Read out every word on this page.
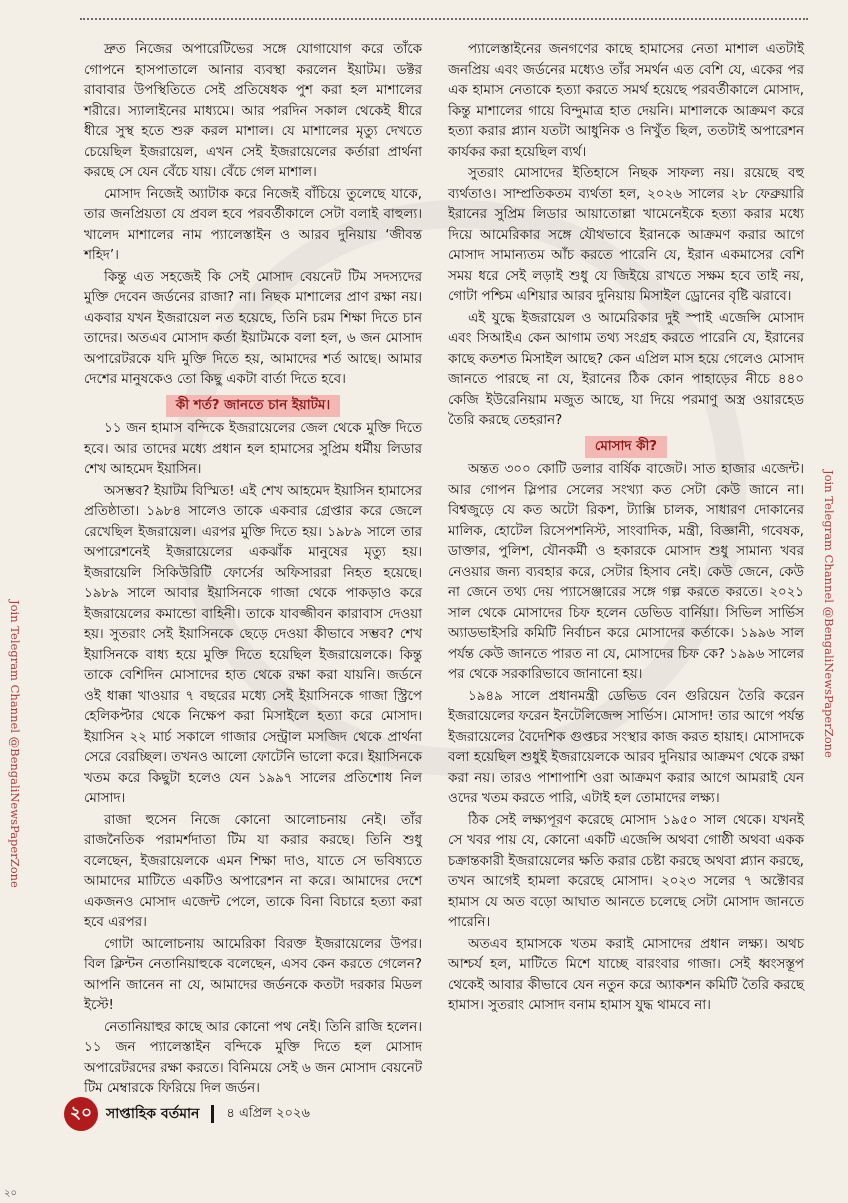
দ্রুত নিজের অপারেটিভের সঙ্গে যোগাযোগ করে তাঁকে গোপনে হাসপাতালে আনার ব্যবস্থা করলেন ইয়াটম। ডক্টর রাবাবার উপস্থিতিতে সেই প্রতিষেধক পুশ করা হল মাশালের শরীরে। স্যালাইনের মাধ্যমে। আর পরদিন সকাল থেকেই ধীরে ধীরে সুস্থ হতে শুরু করল মাশাল। যে মাশালের মৃত্যু দেখতে চেয়েছিল ইজরায়েল, এখন সেই ইজরায়েলের কর্তারা প্রার্থনা করছে সে যেন বেঁচে যায়। বেঁচে গেল মাশাল।

মোসাদ নিজেই অ্যাটাক করে নিজেই বাঁচিয়ে তুলেছে যাকে, তার জনপ্রিয়তা যে প্রবল হবে পরবর্তীকালে সেটা বলাই বাহুল্য। খালেদ মাশালের নাম প্যালেস্তাইন ও আরব দুনিয়ায় ‘জীবন্ত শহিদ’।

কিন্তু এত সহজেই কি সেই মোসাদ বেয়নেট টিম সদস্যদের মুক্তি দেবেন জর্ডনের রাজা? না। নিছক মাশালের প্রাণ রক্ষা নয়। একবার যখন ইজরায়েল নত হয়েছে, তিনি চরম শিক্ষা দিতে চান তাদের। অতএব মোসাদ কর্তা ইয়াটমকে বলা হল, ৬ জন মোসাদ অপারেটরকে যদি মুক্তি দিতে হয়, আমাদের শর্ত আছে। আমার দেশের মানুষকেও তো কিছু একটা বার্তা দিতে হবে।

কী শর্ত? জানতে চান ইয়াটম।

১১ জন হামাস বন্দিকে ইজরায়েলের জেল থেকে মুক্তি দিতে হবে। আর তাদের মধ্যে প্রধান হল হামাসের সুপ্রিম ধর্মীয় লিডার শেখ আহমেদ ইয়াসিন।

অসম্ভব? ইয়াটম বিস্মিত! এই শেখ আহমেদ ইয়াসিন হামাসের প্রতিষ্ঠাতা। ১৯৮৪ সালেও তাকে একবার গ্রেপ্তার করে জেলে রেখেছিল ইজরায়েল। এরপর মুক্তি দিতে হয়। ১৯৮৯ সালে তার অপারেশনেই ইজরায়েলের একঝাঁক মানুষের মৃত্যু হয়। ইজরায়েলি সিকিউরিটি ফোর্সের অফিসাররা নিহত হয়েছে। ১৯৮৯ সালে আবার ইয়াসিনকে গাজা থেকে পাকড়াও করে ইজরায়েলের কমান্ডো বাহিনী। তাকে যাবজ্জীবন কারাবাস দেওয়া হয়। সুতরাং সেই ইয়াসিনকে ছেড়ে দেওয়া কীভাবে সম্ভব? শেখ ইয়াসিনকে বাধ্য হয়ে মুক্তি দিতে হয়েছিল ইজরায়েলকে। কিন্তু তাকে বেশিদিন মোসাদের হাত থেকে রক্ষা করা যায়নি। জর্ডনে ওই ধাক্কা খাওয়ার ৭ বছরের মধ্যে সেই ইয়াসিনকে গাজা স্ট্রিপে হেলিকপ্টার থেকে নিক্ষেপ করা মিসাইলে হত্যা করে মোসাদ। ইয়াসিন ২২ মার্চ সকালে গাজার সেন্ট্রাল মসজিদ থেকে প্রার্থনা সেরে বেরচ্ছিল। তখনও আলো ফোটেনি ভালো করে। ইয়াসিনকে খতম করে কিছুটা হলেও যেন ১৯৯৭ সালের প্রতিশোধ নিল মোসাদ।

রাজা হুসেন নিজে কোনো আলোচনায় নেই। তাঁর রাজনৈতিক পরামর্শদাতা টিম যা করার করছে। তিনি শুধু বলেছেন, ইজরায়েলকে এমন শিক্ষা দাও, যাতে সে ভবিষ্যতে আমাদের মাটিতে একটিও অপারেশন না করে। আমাদের দেশে একজনও মোসাদ এজেন্ট পেলে, তাকে বিনা বিচারে হত্যা করা হবে এরপর।

গোটা আলোচনায় আমেরিকা বিরক্ত ইজরায়েলের উপর। বিল ক্লিন্টন নেতানিয়াহুকে বলেছেন, এসব কেন করতে গেলেন? আপনি জানেন না যে, আমাদের জর্ডনকে কতটা দরকার মিডল ইস্টে!

নেতানিয়াহুর কাছে আর কোনো পথ নেই। তিনি রাজি হলেন। ১১ জন প্যালেস্তাইন বন্দিকে মুক্তি দিতে হল মোসাদ অপারেটরদের রক্ষা করতে। বিনিময়ে সেই ৬ জন মোসাদ বেয়নেট টিম মেম্বারকে ফিরিয়ে দিল জর্ডন।

প্যালেস্তাইনের জনগণের কাছে হামাসের নেতা মাশাল এতটাই জনপ্রিয় এবং জর্ডনের মধ্যেও তাঁর সমর্থন এত বেশি যে, একের পর এক হামাস নেতাকে হত্যা করতে সমর্থ হয়েছে পরবর্তীকালে মোসাদ, কিন্তু মাশালের গায়ে বিন্দুমাত্র হাত দেয়নি। মাশালকে আক্রমণ করে হত্যা করার প্ল্যান যতটা আধুনিক ও নিখুঁত ছিল, ততটাই অপারেশন কার্যকর করা হয়েছিল ব্যর্থ।

সুতরাং মোসাদের ইতিহাসে নিছক সাফল্য নয়। রয়েছে বহু ব্যর্থতাও। সাম্প্রতিকতম ব্যর্থতা হল, ২০২৬ সালের ২৮ ফেব্রুয়ারি ইরানের সুপ্রিম লিডার আয়াতোল্লা খামেনেইকে হত্যা করার মধ্যে দিয়ে আমেরিকার সঙ্গে যৌথভাবে ইরানকে আক্রমণ করার আগে মোসাদ সামান্যতম আঁচ করতে পারেনি যে, ইরান একমাসের বেশি সময় ধরে সেই লড়াই শুধু যে জিইয়ে রাখতে সক্ষম হবে তাই নয়, গোটা পশ্চিম এশিয়ার আরব দুনিয়ায় মিসাইল ড্রোনের বৃষ্টি ঝরাবে।

এই যুদ্ধে ইজরায়েল ও আমেরিকার দুই স্পাই এজেন্সি মোসাদ এবং সিআইএ কেন আগাম তথ্য সংগ্রহ করতে পারেনি যে, ইরানের কাছে কতশত মিসাইল আছে? কেন এপ্রিল মাস হয়ে গেলেও মোসাদ জানতে পারছে না যে, ইরানের ঠিক কোন পাহাড়ের নীচে ৪৪০ কেজি ইউরেনিয়াম মজুত আছে, যা দিয়ে পরমাণু অস্ত্র ওয়ারহেড তৈরি করছে তেহরান?

মোসাদ কী?

অন্তত ৩০০ কোটি ডলার বার্ষিক বাজেট। সাত হাজার এজেন্ট। আর গোপন স্লিপার সেলের সংখ্যা কত সেটা কেউ জানে না। বিশ্বজুড়ে যে কত অটো রিকশ, ট্যাক্সি চালক, সাধারণ দোকানের মালিক, হোটেল রিসেপশনিস্ট, সাংবাদিক, মন্ত্রী, বিজ্ঞানী, গবেষক, ডাক্তার, পুলিশ, যৌনকর্মী ও হকারকে মোসাদ শুধু সামান্য খবর নেওয়ার জন্য ব্যবহার করে, সেটার হিসাব নেই। কেউ জেনে, কেউ না জেনে তথ্য দেয় প্যাসেঞ্জারের সঙ্গে গল্প করতে করতে। ২০২১ সাল থেকে মোসাদের চিফ হলেন ডেভিড বার্নিয়া। সিভিল সার্ভিস অ্যাডভাইসরি কমিটি নির্বাচন করে মোসাদের কর্তাকে। ১৯৯৬ সাল পর্যন্ত কেউ জানতে পারত না যে, মোসাদের চিফ কে? ১৯৯৬ সালের পর থেকে সরকারিভাবে জানানো হয়।

১৯৪৯ সালে প্রধানমন্ত্রী ডেভিড বেন গুরিয়েন তৈরি করেন ইজরায়েলের ফরেন ইনটেলিজেন্স সার্ভিস। মোসাদ! তার আগে পর্যন্ত ইজরায়েলের বৈদেশিক গুপ্তচর সংস্থার কাজ করত হায়াহ। মোসাদকে বলা হয়েছিল শুধুই ইজরায়েলকে আরব দুনিয়ার আক্রমণ থেকে রক্ষা করা নয়। তারও পাশাপাশি ওরা আক্রমণ করার আগে আমরাই যেন ওদের খতম করতে পারি, এটাই হল তোমাদের লক্ষ্য।

ঠিক সেই লক্ষ্যপূরণ করেছে মোসাদ ১৯৫০ সাল থেকে। যখনই সে খবর পায় যে, কোনো একটি এজেন্সি অথবা গোষ্ঠী অথবা একক চক্রান্তকারী ইজরায়েলের ক্ষতি করার চেষ্টা করছে অথবা প্ল্যান করছে, তখন আগেই হামলা করেছে মোসাদ। ২০২৩ সলের ৭ অক্টোবর হামাস যে অত বড়ো আঘাত আনতে চলেছে সেটা মোসাদ জানতে পারেনি।

অতএব হামাসকে খতম করাই মোসাদের প্রধান লক্ষ্য। অথচ আশ্চর্য হল, মাটিতে মিশে যাচ্ছে বারংবার গাজা। সেই ধ্বংসস্তূপ থেকেই আবার কীভাবে যেন নতুন করে অ্যাকশন কমিটি তৈরি করছে হামাস। সুতরাং মোসাদ বনাম হামাস যুদ্ধ থামবে না।

Join Telegram Channel @BengaliNewsPaperZone	Join Telegram Channel @BengaliNewsPaperZone
২০ সাপ্তাহিক বর্তমান ৪ এপ্রিল ২০২৬
২০
